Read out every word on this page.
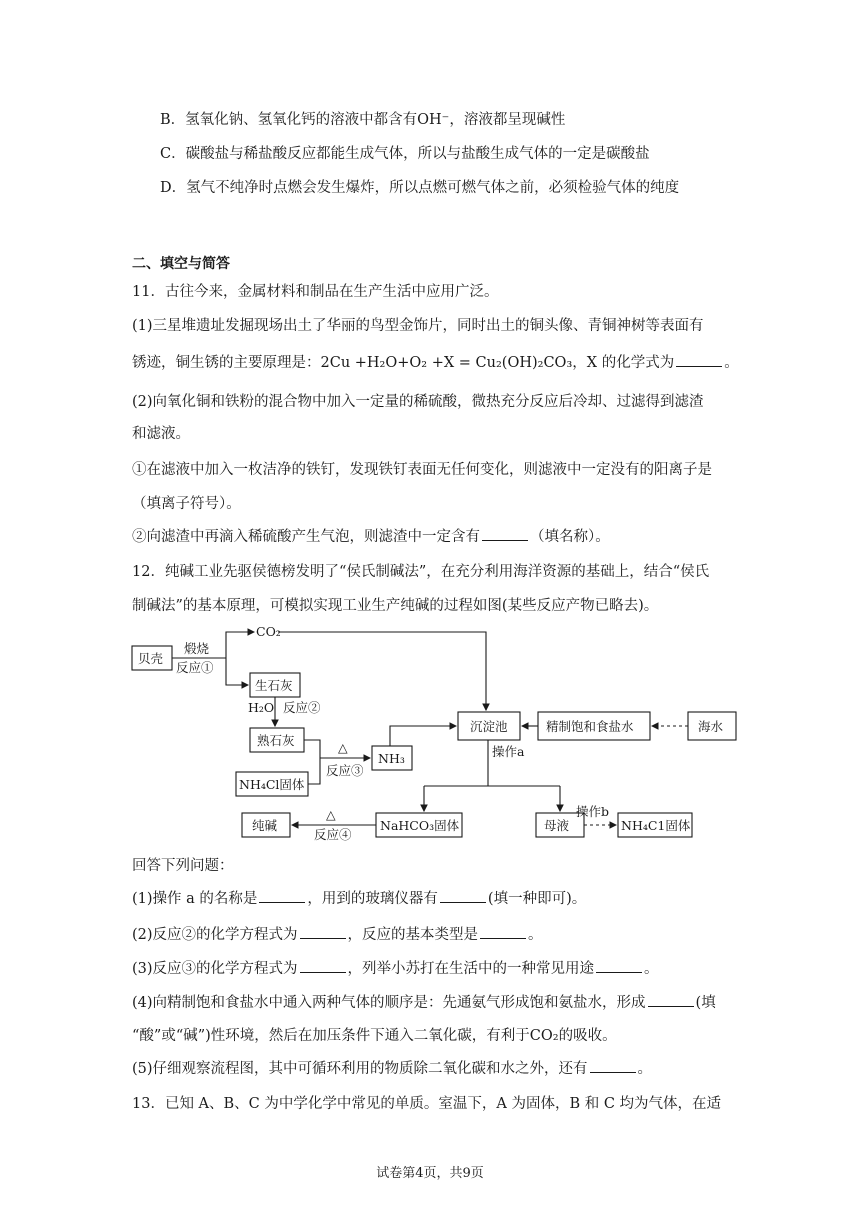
B．氢氧化钠、氢氧化钙的溶液中都含有OH⁻，溶液都呈现碱性
C．碳酸盐与稀盐酸反应都能生成气体，所以与盐酸生成气体的一定是碳酸盐
D．氢气不纯净时点燃会发生爆炸，所以点燃可燃气体之前，必须检验气体的纯度
二、填空与简答
11．古往今来，金属材料和制品在生产生活中应用广泛。
(1)三星堆遗址发掘现场出土了华丽的鸟型金饰片，同时出土的铜头像、青铜神树等表面有
锈迹，铜生锈的主要原理是：2Cu +H₂O+O₂ +X = Cu₂(OH)₂CO₃，X 的化学式为	。
(2)向氧化铜和铁粉的混合物中加入一定量的稀硫酸，微热充分反应后冷却、过滤得到滤渣
和滤液。
①在滤液中加入一枚洁净的铁钉，发现铁钉表面无任何变化，则滤液中一定没有的阳离子是
（填离子符号）。
②向滤渣中再滴入稀硫酸产生气泡，则滤渣中一定含有	（填名称）。
12．纯碱工业先驱侯德榜发明了“侯氏制碱法”，在充分利用海洋资源的基础上，结合“侯氏
制碱法”的基本原理，可模拟实现工业生产纯碱的过程如图(某些反应产物已略去)。
贝壳
煅烧
反应①
CO₂
生石灰
H₂O 反应②
熟石灰
NH₄Cl固体
△
反应③
NH₃
沉淀池	精制饱和食盐水	海水
操作a
NaHCO₃固体
纯碱
△
反应④
母液
操作b
NH₄C1固体
回答下列问题：
(1)操作 a 的名称是	，用到的玻璃仪器有	(填一种即可)。
(2)反应②的化学方程式为	，反应的基本类型是	。
(3)反应③的化学方程式为	，列举小苏打在生活中的一种常见用途	。
(4)向精制饱和食盐水中通入两种气体的顺序是：先通氨气形成饱和氨盐水，形成	(填
“酸”或“碱”)性环境，然后在加压条件下通入二氧化碳，有利于CO₂的吸收。
(5)仔细观察流程图，其中可循环利用的物质除二氧化碳和水之外，还有	。
13．已知 A、B、C 为中学化学中常见的单质。室温下，A 为固体，B 和 C 均为气体，在适
试卷第4页，共9页
